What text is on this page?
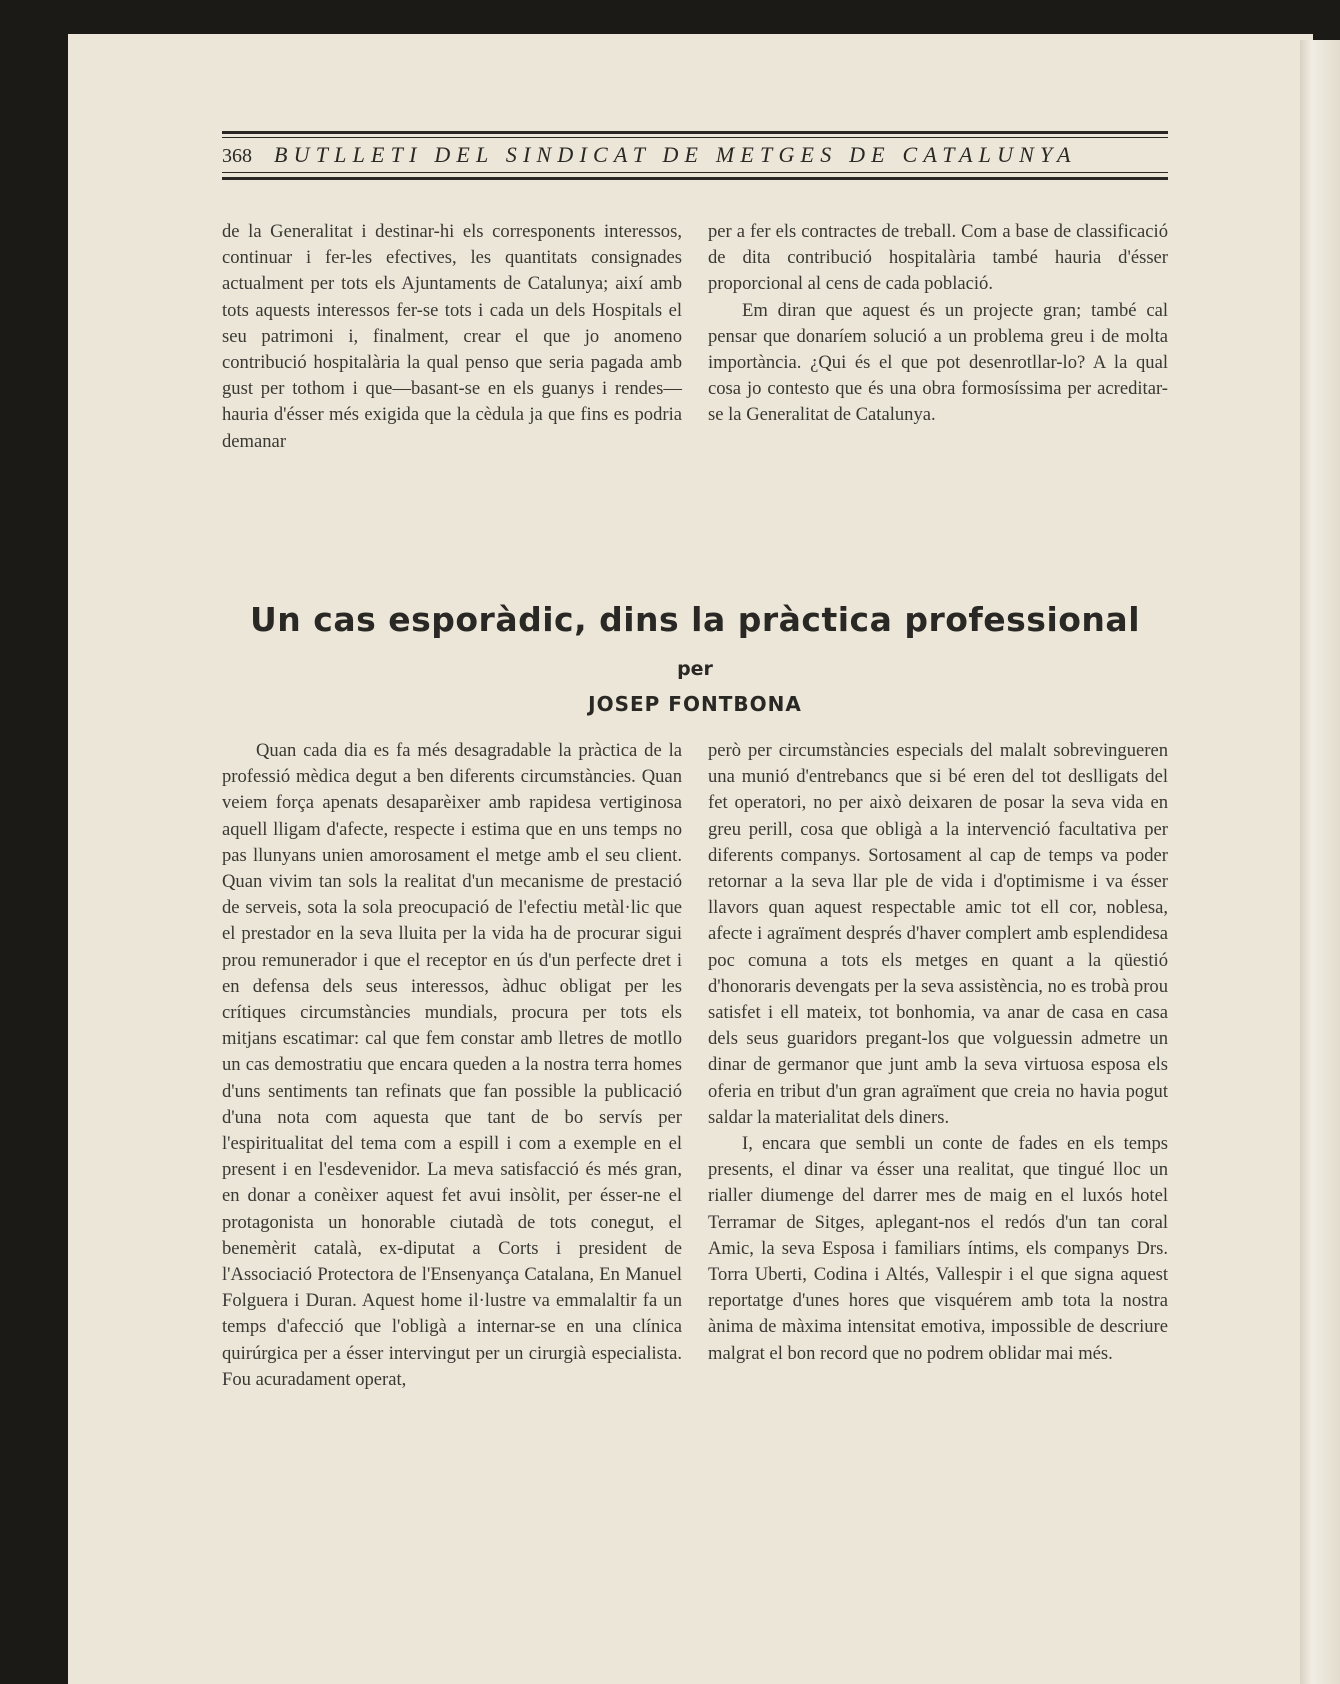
368 BUTLLETI DEL SINDICAT DE METGES DE CATALUNYA

de la Generalitat i destinar-hi els corresponents interessos, continuar i fer-les efectives, les quantitats consignades actualment per tots els Ajuntaments de Catalunya; així amb tots aquests interessos fer-se tots i cada un dels Hospitals el seu patrimoni i, finalment, crear el que jo anomeno contribució hospitalària la qual penso que seria pagada amb gust per tothom i que—basant-se en els guanys i rendes—hauria d'ésser més exigida que la cèdula ja que fins es podria demanar

per a fer els contractes de treball. Com a base de classificació de dita contribució hospitalària també hauria d'ésser proporcional al cens de cada població.

Em diran que aquest és un projecte gran; també cal pensar que donaríem solució a un problema greu i de molta importància. ¿Qui és el que pot desenrotllar-lo? A la qual cosa jo contesto que és una obra formosíssima per acreditar-se la Generalitat de Catalunya.

Un cas esporàdic, dins la pràctica professional
per
JOSEP FONTBONA

Quan cada dia es fa més desagradable la pràctica de la professió mèdica degut a ben diferents circumstàncies. Quan veiem força apenats desaparèixer amb rapidesa vertiginosa aquell lligam d'afecte, respecte i estima que en uns temps no pas llunyans unien amorosament el metge amb el seu client. Quan vivim tan sols la realitat d'un mecanisme de prestació de serveis, sota la sola preocupació de l'efectiu metàl·lic que el prestador en la seva lluita per la vida ha de procurar sigui prou remunerador i que el receptor en ús d'un perfecte dret i en defensa dels seus interessos, àdhuc obligat per les crítiques circumstàncies mundials, procura per tots els mitjans escatimar: cal que fem constar amb lletres de motllo un cas demostratiu que encara queden a la nostra terra homes d'uns sentiments tan refinats que fan possible la publicació d'una nota com aquesta que tant de bo servís per l'espiritualitat del tema com a espill i com a exemple en el present i en l'esdevenidor. La meva satisfacció és més gran, en donar a conèixer aquest fet avui insòlit, per ésser-ne el protagonista un honorable ciutadà de tots conegut, el benemèrit català, ex-diputat a Corts i president de l'Associació Protectora de l'Ensenyança Catalana, En Manuel Folguera i Duran. Aquest home il·lustre va emmalaltir fa un temps d'afecció que l'obligà a internar-se en una clínica quirúrgica per a ésser intervingut per un cirurgià especialista. Fou acuradament operat,

però per circumstàncies especials del malalt sobrevingueren una munió d'entrebancs que si bé eren del tot deslligats del fet operatori, no per això deixaren de posar la seva vida en greu perill, cosa que obligà a la intervenció facultativa per diferents companys. Sortosament al cap de temps va poder retornar a la seva llar ple de vida i d'optimisme i va ésser llavors quan aquest respectable amic tot ell cor, noblesa, afecte i agraïment després d'haver complert amb esplendidesa poc comuna a tots els metges en quant a la qüestió d'honoraris devengats per la seva assistència, no es trobà prou satisfet i ell mateix, tot bonhomia, va anar de casa en casa dels seus guaridors pregant-los que volguessin admetre un dinar de germanor que junt amb la seva virtuosa esposa els oferia en tribut d'un gran agraïment que creia no havia pogut saldar la materialitat dels diners.

I, encara que sembli un conte de fades en els temps presents, el dinar va ésser una realitat, que tingué lloc un rialler diumenge del darrer mes de maig en el luxós hotel Terramar de Sitges, aplegant-nos el redós d'un tan coral Amic, la seva Esposa i familiars íntims, els companys Drs. Torra Uberti, Codina i Altés, Vallespir i el que signa aquest reportatge d'unes hores que visquérem amb tota la nostra ànima de màxima intensitat emotiva, impossible de descriure malgrat el bon record que no podrem oblidar mai més.
